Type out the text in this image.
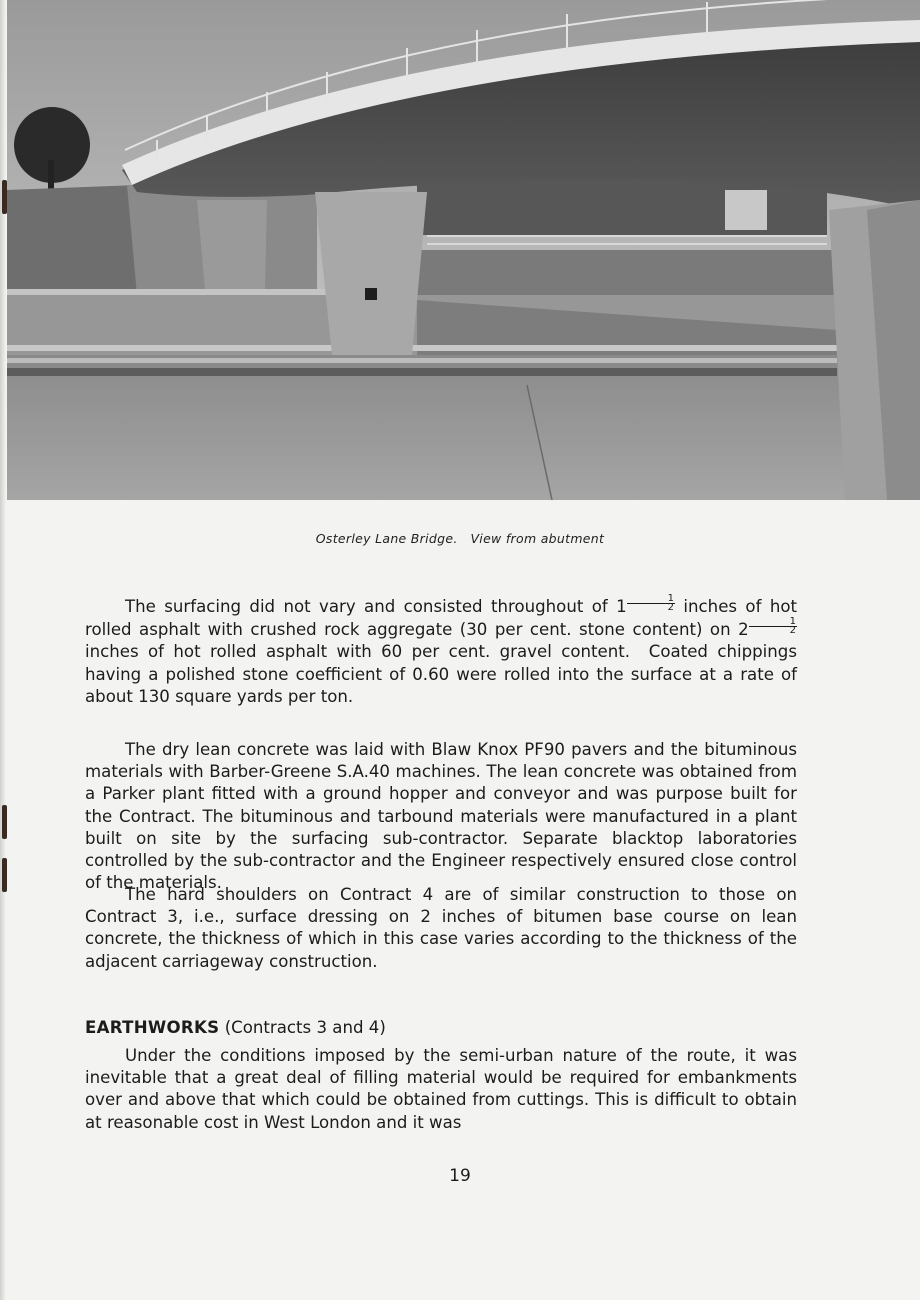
Osterley Lane Bridge.   View from abutment

The surfacing did not vary and consisted throughout of $1 \frac{1}{2}$ inches of hot rolled asphalt with crushed rock aggregate (30 per cent. stone content) on $2 \frac{1}{2}$
inches of hot rolled asphalt with 60 per cent. gravel content.  Coated chippings having a polished stone coefficient of 0.60 were rolled into the surface at a rate of about 130 square yards per ton.

The dry lean concrete was laid with Blaw Knox PF90 pavers and the bituminous materials with Barber-Greene S.A.40 machines. The lean concrete was obtained from a Parker plant fitted with a ground hopper and conveyor and was purpose built for the Contract. The bituminous and tarbound materials were manufactured in a plant built on site by the surfacing sub-contractor. Separate blacktop laboratories controlled by the sub-contractor and the Engineer respectively ensured close control of the materials.

The hard shoulders on Contract 4 are of similar construction to those on Contract 3, i.e., surface dressing on 2 inches of bitumen base course on lean concrete, the thickness of which in this case varies according to the thickness of the adjacent carriageway construction.

EARTHWORKS (Contracts 3 and 4)

Under the conditions imposed by the semi-urban nature of the route, it was inevitable that a great deal of filling material would be required for embankments over and above that which could be obtained from cuttings. This is difficult to obtain at reasonable cost in West London and it was

19
